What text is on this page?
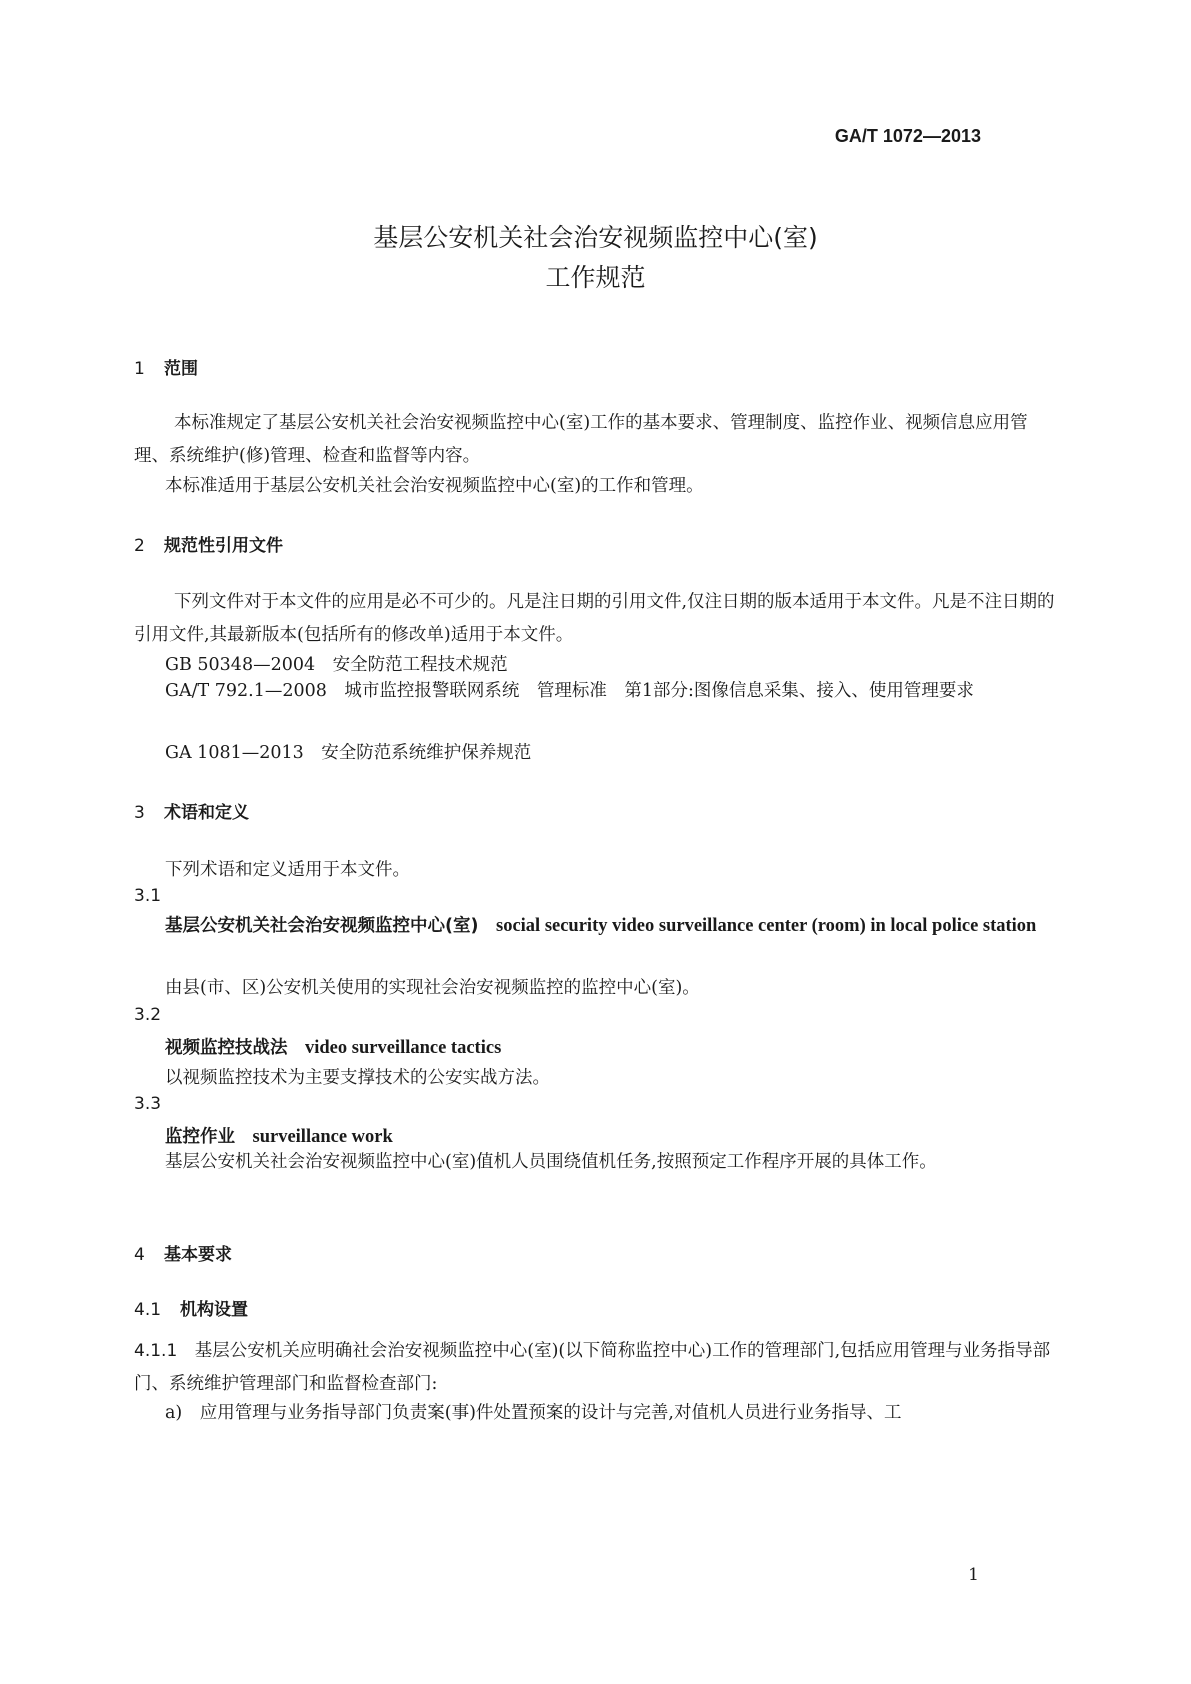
GA/T 1072—2013
基层公安机关社会治安视频监控中心(室)
工作规范
1 范围
本标准规定了基层公安机关社会治安视频监控中心(室)工作的基本要求、管理制度、监控作业、视频信息应用管理、系统维护(修)管理、检查和监督等内容。
本标准适用于基层公安机关社会治安视频监控中心(室)的工作和管理。
2 规范性引用文件
下列文件对于本文件的应用是必不可少的。凡是注日期的引用文件,仅注日期的版本适用于本文件。凡是不注日期的引用文件,其最新版本(包括所有的修改单)适用于本文件。
GB 50348—2004　安全防范工程技术规范
GA/T 792.1—2008　城市监控报警联网系统　管理标准　第1部分:图像信息采集、接入、使用管理要求
GA 1081—2013　安全防范系统维护保养规范
3 术语和定义
下列术语和定义适用于本文件。
3.1
基层公安机关社会治安视频监控中心(室)　 social security video surveillance center (room) in local police station
由县(市、区)公安机关使用的实现社会治安视频监控的监控中心(室)。
3.2
视频监控技战法　 video surveillance tactics
以视频监控技术为主要支撑技术的公安实战方法。
3.3
监控作业　 surveillance work
基层公安机关社会治安视频监控中心(室)值机人员围绕值机任务,按照预定工作程序开展的具体工作。
4 基本要求
4.1 机构设置
4.1.1　 基层公安机关应明确社会治安视频监控中心(室)(以下简称监控中心)工作的管理部门,包括应用管理与业务指导部门、系统维护管理部门和监督检查部门:
a)　 应用管理与业务指导部门负责案(事)件处置预案的设计与完善,对值机人员进行业务指导、工
1
